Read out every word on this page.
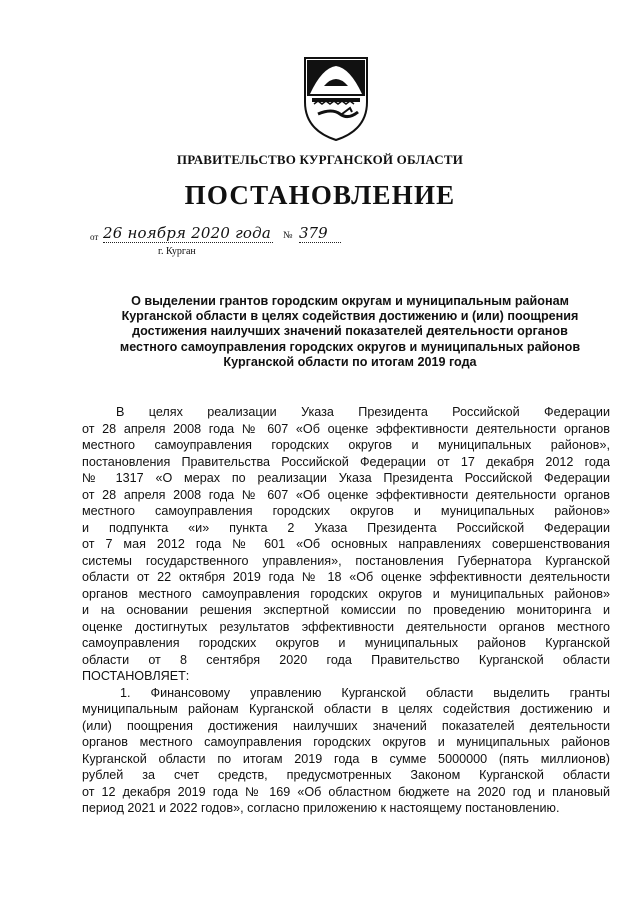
ПРАВИТЕЛЬСТВО КУРГАНСКОЙ ОБЛАСТИ
ПОСТАНОВЛЕНИЕ
от 26 ноября 2020 года № 379
г. Курган
О выделении грантов городским округам и муниципальным районам
Курганской области в целях содействия достижению и (или) поощрения
достижения наилучших значений показателей деятельности органов
местного самоуправления городских округов и муниципальных районов
Курганской области по итогам 2019 года
В целях реализации Указа Президента Российской Федерации
от 28 апреля 2008 года № 607 «Об оценке эффективности деятельности органов
местного самоуправления городских округов и муниципальных районов»,
постановления Правительства Российской Федерации от 17 декабря 2012 года
№ 1317 «О мерах по реализации Указа Президента Российской Федерации
от 28 апреля 2008 года № 607 «Об оценке эффективности деятельности органов
местного самоуправления городских округов и муниципальных районов»
и подпункта «и» пункта 2 Указа Президента Российской Федерации
от 7 мая 2012 года № 601 «Об основных направлениях совершенствования
системы государственного управления», постановления Губернатора Курганской
области от 22 октября 2019 года № 18 «Об оценке эффективности деятельности
органов местного самоуправления городских округов и муниципальных районов»
и на основании решения экспертной комиссии по проведению мониторинга и
оценке достигнутых результатов эффективности деятельности органов местного
самоуправления городских округов и муниципальных районов Курганской
области от 8 сентября 2020 года Правительство Курганской области
ПОСТАНОВЛЯЕТ:
1. Финансовому управлению Курганской области выделить гранты
муниципальным районам Курганской области в целях содействия достижению и
(или) поощрения достижения наилучших значений показателей деятельности
органов местного самоуправления городских округов и муниципальных районов
Курганской области по итогам 2019 года в сумме 5000000 (пять миллионов)
рублей за счет средств, предусмотренных Законом Курганской области
от 12 декабря 2019 года № 169 «Об областном бюджете на 2020 год и плановый
период 2021 и 2022 годов», согласно приложению к настоящему постановлению.
